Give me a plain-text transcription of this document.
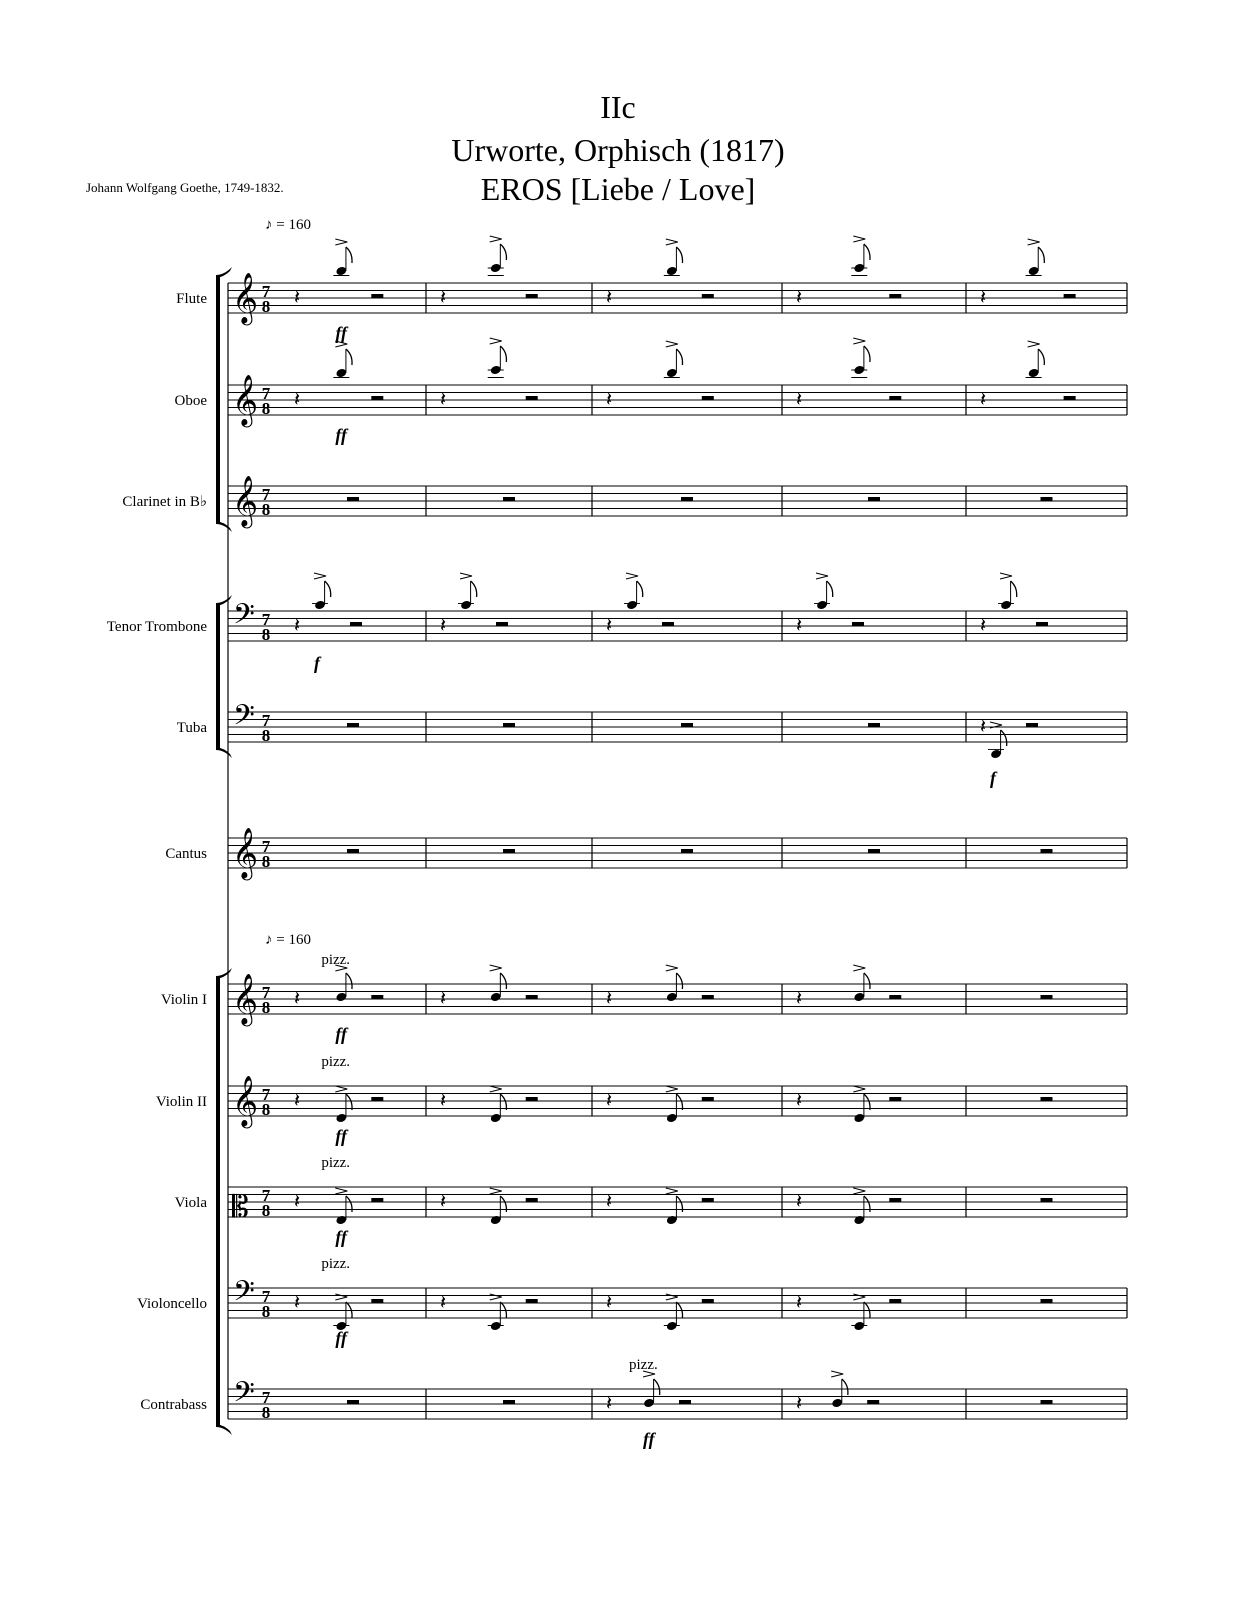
IIc
Urworte, Orphisch (1817)
EROS [Liebe / Love]
Johann Wolfgang Goethe, 1749-1832.
Flute 𝄞 7
8 𝄽
ff
𝄽	𝄽	𝄽	𝄽
Oboe 𝄞 7
8 𝄽
ff
𝄽	𝄽	𝄽	𝄽
Clarinet in B♭ 𝄞 7
8
Tenor Trombone 𝄢 7
8 𝄽
f
𝄽	𝄽	𝄽	𝄽
Tuba 𝄢 7
8	𝄽
f
Cantus 𝄞 7
8
Violin I 𝄞 7
8 𝄽
ff
pizz.
𝄽	𝄽	𝄽
Violin II 𝄞 7
8 𝄽
ff
pizz.
𝄽	𝄽	𝄽
Viola 𝄡 7
8 𝄽
ff
pizz.
𝄽	𝄽	𝄽
Violoncello 𝄢 7
8 𝄽
ff
pizz.
𝄽	𝄽	𝄽
Contrabass 𝄢 7
8	𝄽
ff
pizz.
𝄽
♪ = 160
♪ = 160
